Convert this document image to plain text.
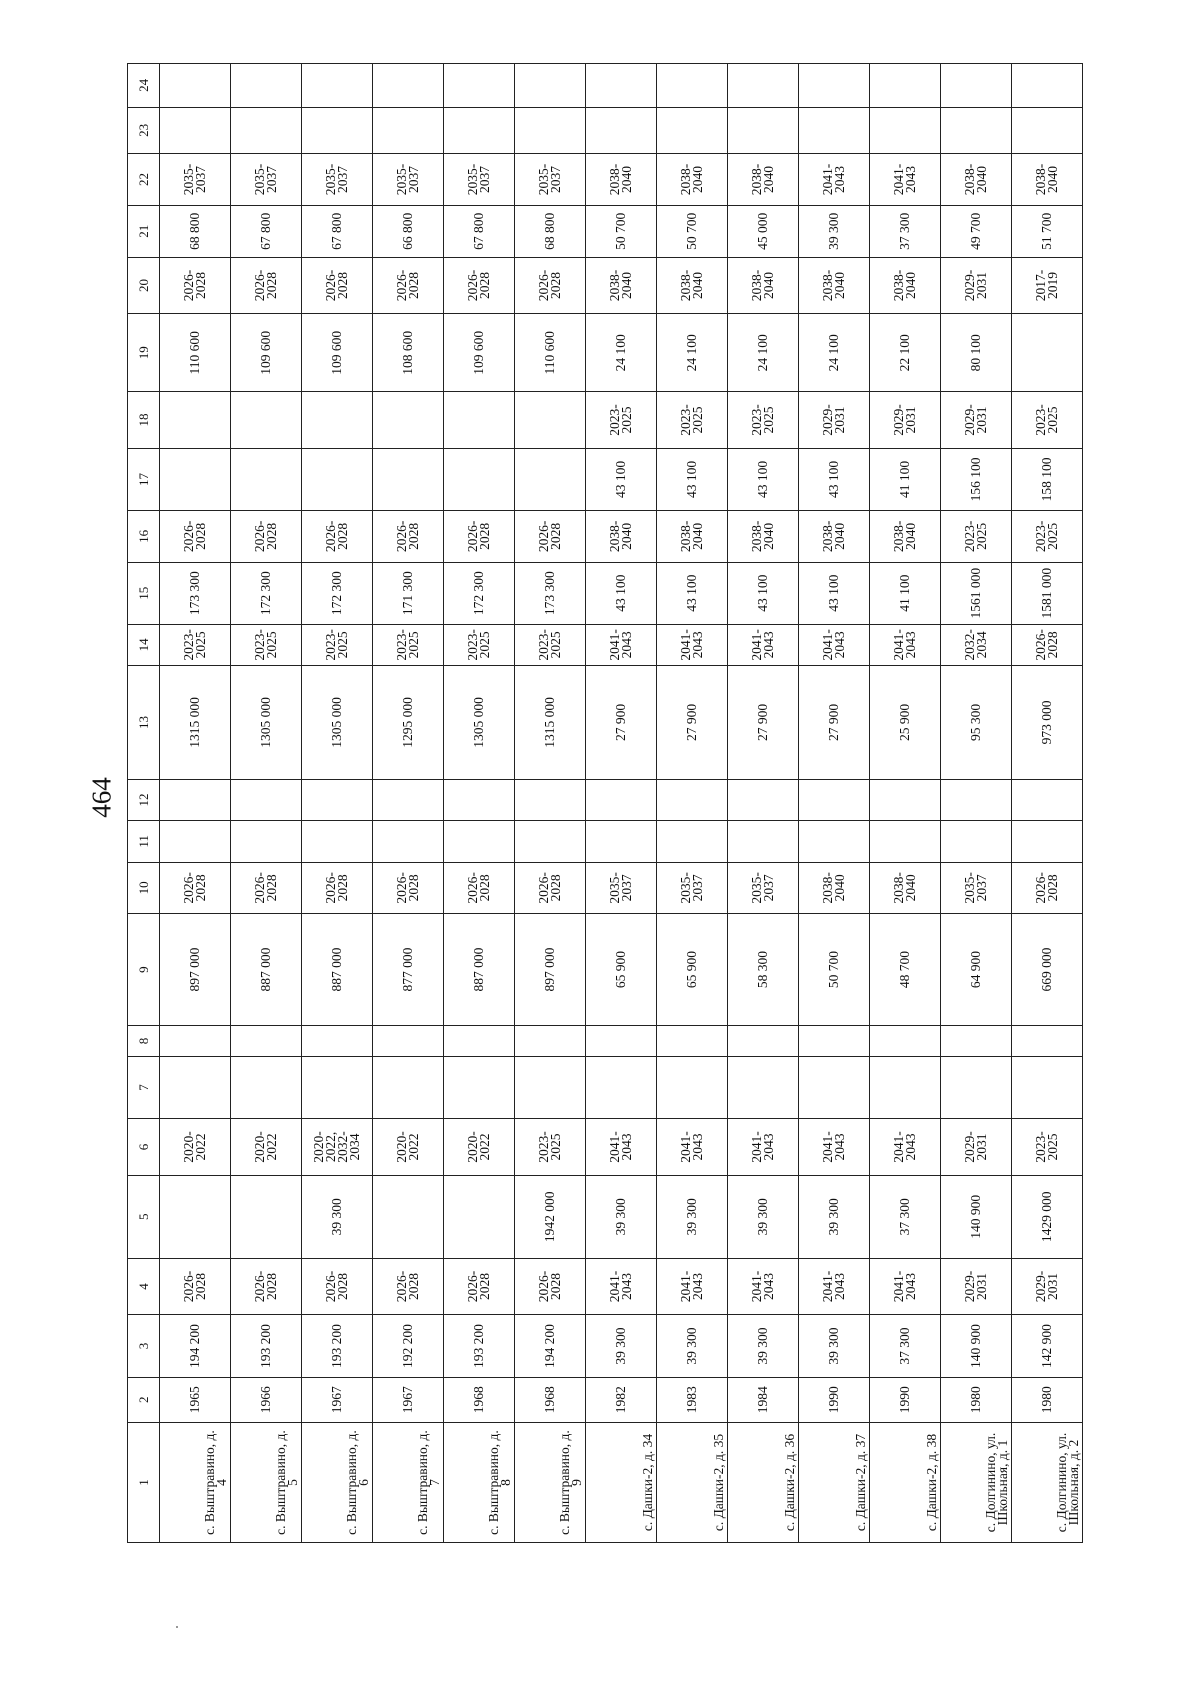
464
1	2	3	4	5	6	7	8	9	10	11	12	13	14	15	16	17	18	19	20	21	22	23	24
с. Выштравино, д. 4	1965	194 200	2026-2028		2020-2022			897 000	2026-2028			1315 000	2023-2025	173 300	2026-2028			110 600	2026-2028	68 800	2035-2037		
с. Выштравино, д. 5	1966	193 200	2026-2028		2020-2022			887 000	2026-2028			1305 000	2023-2025	172 300	2026-2028			109 600	2026-2028	67 800	2035-2037		
с. Выштравино, д. 6	1967	193 200	2026-2028	39 300	2020-2022, 2032-2034			887 000	2026-2028			1305 000	2023-2025	172 300	2026-2028			109 600	2026-2028	67 800	2035-2037		
с. Выштравино, д. 7	1967	192 200	2026-2028		2020-2022			877 000	2026-2028			1295 000	2023-2025	171 300	2026-2028			108 600	2026-2028	66 800	2035-2037		
с. Выштравино, д. 8	1968	193 200	2026-2028		2020-2022			887 000	2026-2028			1305 000	2023-2025	172 300	2026-2028			109 600	2026-2028	67 800	2035-2037		
с. Выштравино, д. 9	1968	194 200	2026-2028	1942 000	2023-2025			897 000	2026-2028			1315 000	2023-2025	173 300	2026-2028			110 600	2026-2028	68 800	2035-2037		
с. Дашки-2, д. 34	1982	39 300	2041-2043	39 300	2041-2043			65 900	2035-2037			27 900	2041-2043	43 100	2038-2040	43 100	2023-2025	24 100	2038-2040	50 700	2038-2040		
с. Дашки-2, д. 35	1983	39 300	2041-2043	39 300	2041-2043			65 900	2035-2037			27 900	2041-2043	43 100	2038-2040	43 100	2023-2025	24 100	2038-2040	50 700	2038-2040		
с. Дашки-2, д. 36	1984	39 300	2041-2043	39 300	2041-2043			58 300	2035-2037			27 900	2041-2043	43 100	2038-2040	43 100	2023-2025	24 100	2038-2040	45 000	2038-2040		
с. Дашки-2, д. 37	1990	39 300	2041-2043	39 300	2041-2043			50 700	2038-2040			27 900	2041-2043	43 100	2038-2040	43 100	2029-2031	24 100	2038-2040	39 300	2041-2043		
с. Дашки-2, д. 38	1990	37 300	2041-2043	37 300	2041-2043			48 700	2038-2040			25 900	2041-2043	41 100	2038-2040	41 100	2029-2031	22 100	2038-2040	37 300	2041-2043		
с. Долгинино, ул. Школьная, д. 1	1980	140 900	2029-2031	140 900	2029-2031			64 900	2035-2037			95 300	2032-2034	1561 000	2023-2025	156 100	2029-2031	80 100	2029-2031	49 700	2038-2040		
с. Долгинино, ул. Школьная, д. 2	1980	142 900	2029-2031	1429 000	2023-2025			669 000	2026-2028			973 000	2026-2028	1581 000	2023-2025	158 100	2023-2025		2017-2019	51 700	2038-2040		
